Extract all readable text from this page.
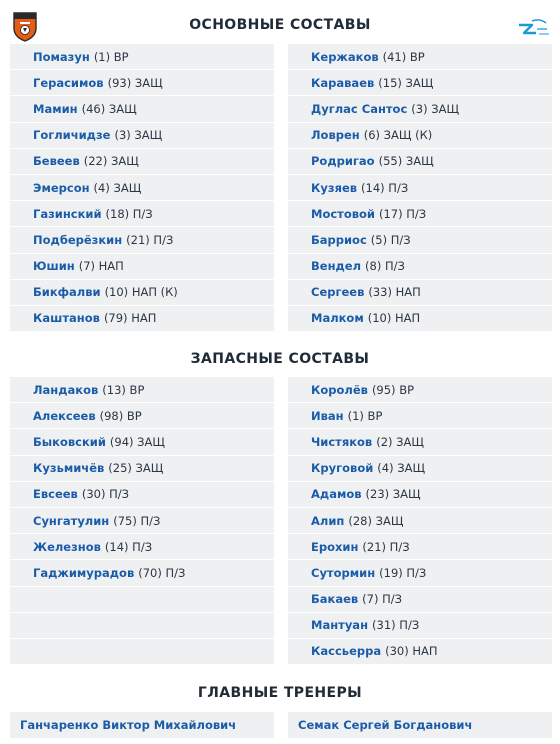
ОСНОВНЫЕ СОСТАВЫ
Помазун (1) ВР
Герасимов (93) ЗАЩ
Мамин (46) ЗАЩ
Гогличидзе (3) ЗАЩ
Бевеев (22) ЗАЩ
Эмерсон (4) ЗАЩ
Газинский (18) П/З
Подберёзкин (21) П/З
Юшин (7) НАП
Бикфалви (10) НАП (К)
Каштанов (79) НАП
Кержаков (41) ВР
Караваев (15) ЗАЩ
Дуглас Сантос (3) ЗАЩ
Ловрен (6) ЗАЩ (К)
Родригао (55) ЗАЩ
Кузяев (14) П/З
Мостовой (17) П/З
Барриос (5) П/З
Вендел (8) П/З
Сергеев (33) НАП
Малком (10) НАП
ЗАПАСНЫЕ СОСТАВЫ
Ландаков (13) ВР
Алексеев (98) ВР
Быковский (94) ЗАЩ
Кузьмичёв (25) ЗАЩ
Евсеев (30) П/З
Сунгатулин (75) П/З
Железнов (14) П/З
Гаджимурадов (70) П/З
Королёв (95) ВР
Иван (1) ВР
Чистяков (2) ЗАЩ
Круговой (4) ЗАЩ
Адамов (23) ЗАЩ
Алип (28) ЗАЩ
Ерохин (21) П/З
Сутормин (19) П/З
Бакаев (7) П/З
Мантуан (31) П/З
Кассьерра (30) НАП
ГЛАВНЫЕ ТРЕНЕРЫ
Ганчаренко Виктор Михайлович	Семак Сергей Богданович
